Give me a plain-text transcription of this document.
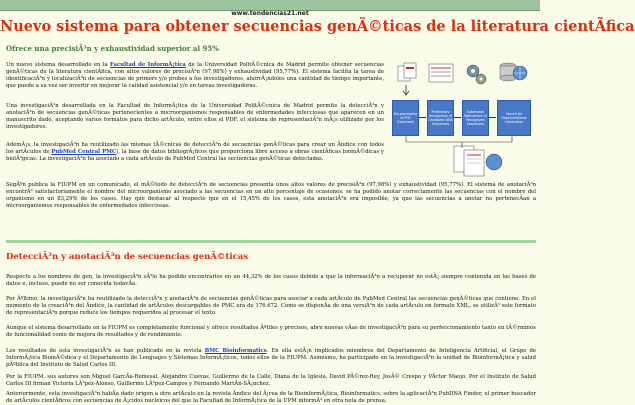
www.tendencias21.net
Nuevo sistema para obtener secuencias genÃ©ticas de la literatura cientÃfica
Ofrece una precisiÃ³n y exhaustividad superior al 95%

Un nuevo sistema desarrollado en la Facultad de InformÃ¡tica de la Universidad PolitÃ©cnica de Madrid permite obtener secuencias genÃ©ticas de la literatura cientÃfica, con altos valores de precisiÃ³n (97,98%) y exhaustividad (95,77%). El sistema facilita la tarea de identificaciÃ³n y localizaciÃ³n de secuencias de primers y/o probes a los investigadores, ahorrÃ¡ndoles una cantidad de tiempo importante, que puede a su vez ser invertir en mejorar la calidad asistencial y/o en tareas investigadoras.

Una investigaciÃ³n desarrollada en la Facultad de InformÃ¡tica de la Universidad PolitÃ©cnica de Madrid permite la detecciÃ³n y anotaciÃ³n de secuencias genÃ©ticas pertenecientes a microorganismos responsables de enfermedades infecciosas que aparecen en un manuscrito dado, aceptando varios formatos para dicho artÃculo, entre ellos el PDF, el sistema de representaciÃ³n mÃ¡s utilizado por los investigadores.

AdemÃ¡s, la investigaciÃ³n ha reutilizado las mismas tÃ©cnicas de detecciÃ³n de secuencias genÃ©ticas para crear un Ãndice con todos los artÃculos de PubMed Central PMC), la base de datos bibliogrÃ¡ficos que proporciona libre acceso a obras cientÃficas biomÃ©dicas y biolÃ³gicas. La investigaciÃ³n ha asociado a cada artÃculo de PubMed Central las secuencias genÃ©ticas detectadas.

SegÃºn publica la FIUPM en un comunicado, el mÃ©todo de detecciÃ³n de secuencias presenta unos altos valores de precisiÃ³n (97,98%) y exhaustividad (95,77%). El sistema de anotaciÃ³n encontrÃ³ satisfactoriamente el nombre del microorganismo asociado a las secuencias en un alto porcentaje de ocasiones: se ha podido anotar correctamente las secuencias con el nombre del organismo en un 83,29% de los casos. Hay que destacar al respecto que en el 15,45% de los casos, esta anotaciÃ³n era imposible, ya que las secuencias a anotar no pertenecÃan a microorganismos responsables de enfermedades infecciosas.

Pre-processing of PDF Document
Preliminary Recognition of Candidate DNA Sequences
Automated Refinement of Recognized Sequences
Search for Organism/Gene Information
DetecciÃ³n y anotaciÃ³n de secuencias genÃ©ticas

Respecto a los nombres de gen, la investigaciÃ³n sÃ³lo ha podido encontrarlos en un 44,32% de los casos debido a que la informaciÃ³n a recuperar no estÃ¡ siempre contenida en las bases de datos e, incluso, puede no ser conocida todavÃa.

Por Ãºltimo, la investigaciÃ³n ha reutilizado la detecciÃ³n y anotaciÃ³n de secuencias genÃ©ticas para asociar a cada artÃculo de PubMed Central las secuencias genÃ©ticas que contiene. En el momento de la creaciÃ³n del Ãndice, la cantidad de artÃculos descargables de PMC era de 176.672. Como se disponÃa de una versiÃ³n de cada artÃculo en formato XML, se utilizÃ³ este formato de representaciÃ³n porque reduce los tiempos requeridos al procesar el texto.

Aunque el sistema desarrollado en la FIUPM es completamente funcional y ofrece resultados Ãºtiles y precisos, abre nuevas vÃas de investigaciÃ³n para su perfeccionamiento tanto en tÃ©rminos de funcionalidad como de mejora de resultados y de rendimiento.

Los resultados de esta investigaciÃ³n se han publicado en la revista BMC Bioinformatics. En ella estÃ¡n implicados miembros del Departamento de Inteligencia Artificial, el Grupo de InformÃ¡tica BiomÃ©dica y el Departamento de Lenguajes y Sistemas InformÃ¡ticos, todos ellos de la FIUPM. Asimismo, ha participado en la investigaciÃ³n la unidad de BioinformÃ¡tica y salud pÃºblica del Instituto de Salud Carlos III.

Por la FIUPM, sus autores son Miguel GarcÃa-Remesal, Alejandro Cuevas, Guillermo de la Calle, Diana de la Iglesia, David PÃ©rez-Rey, JosÃ© Crespo y VÃctor Maojo. Por el Instituto de Salud Carlos III firman Victoria LÃ³pez-Alonso, Guillermo LÃ³pez-Campos y Fernando MartÃn-SÃ¡nchez.

Anteriormente, esta investigaciÃ³n habÃa dado origen a otro artÃculo en la revista Ãndice del Ã¡rea de la BioinformÃ¡tica, Bioinformatics, sobre la aplicaciÃ³n PubDNA Finder, el primer buscador de artÃculos cientÃficos con secuencias de Ã¡cidos nucleicos del que la Facultad de InformÃ¡tica de la UPM informÃ³ en otra nota de prensa.
